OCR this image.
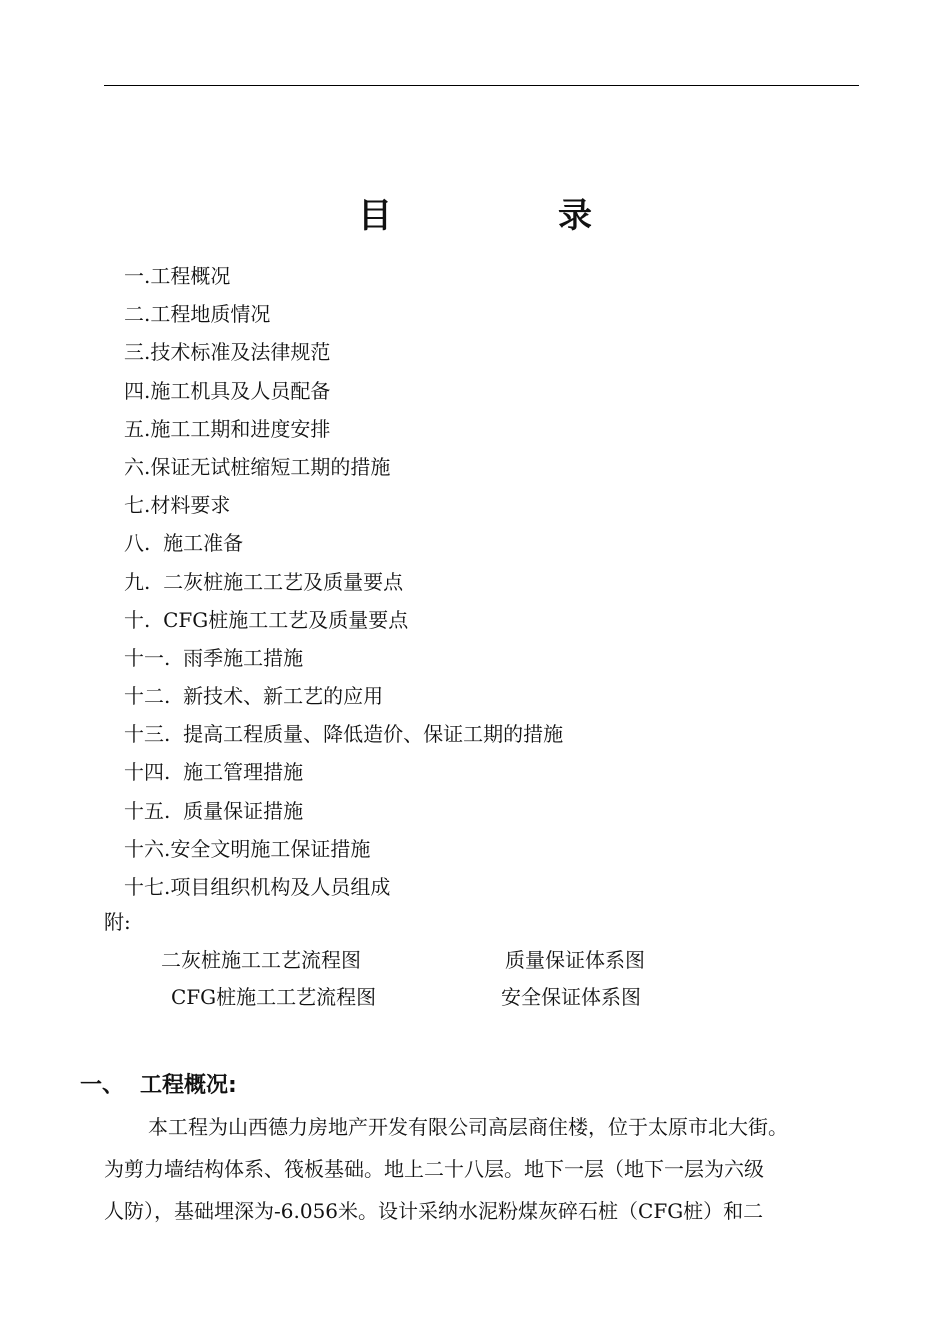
目　录
一.工程概况
二.工程地质情况
三.技术标准及法律规范
四.施工机具及人员配备
五.施工工期和进度安排
六.保证无试桩缩短工期的措施
七.材料要求
八.  施工准备
九.  二灰桩施工工艺及质量要点
十.  CFG桩施工工艺及质量要点
十一.  雨季施工措施
十二.  新技术、新工艺的应用
十三.  提高工程质量、降低造价、保证工期的措施
十四.  施工管理措施
十五.  质量保证措施
十六.安全文明施工保证措施
十七.项目组织机构及人员组成
附:
二灰桩施工工艺流程图	质量保证体系图
CFG桩施工工艺流程图	安全保证体系图
一、 工程概况:

本工程为山西德力房地产开发有限公司高层商住楼，位于太原市北大街。
为剪力墙结构体系、筏板基础。地上二十八层。地下一层（地下一层为六级
人防），基础埋深为-6.056米。设计采纳水泥粉煤灰碎石桩（CFG桩）和二
